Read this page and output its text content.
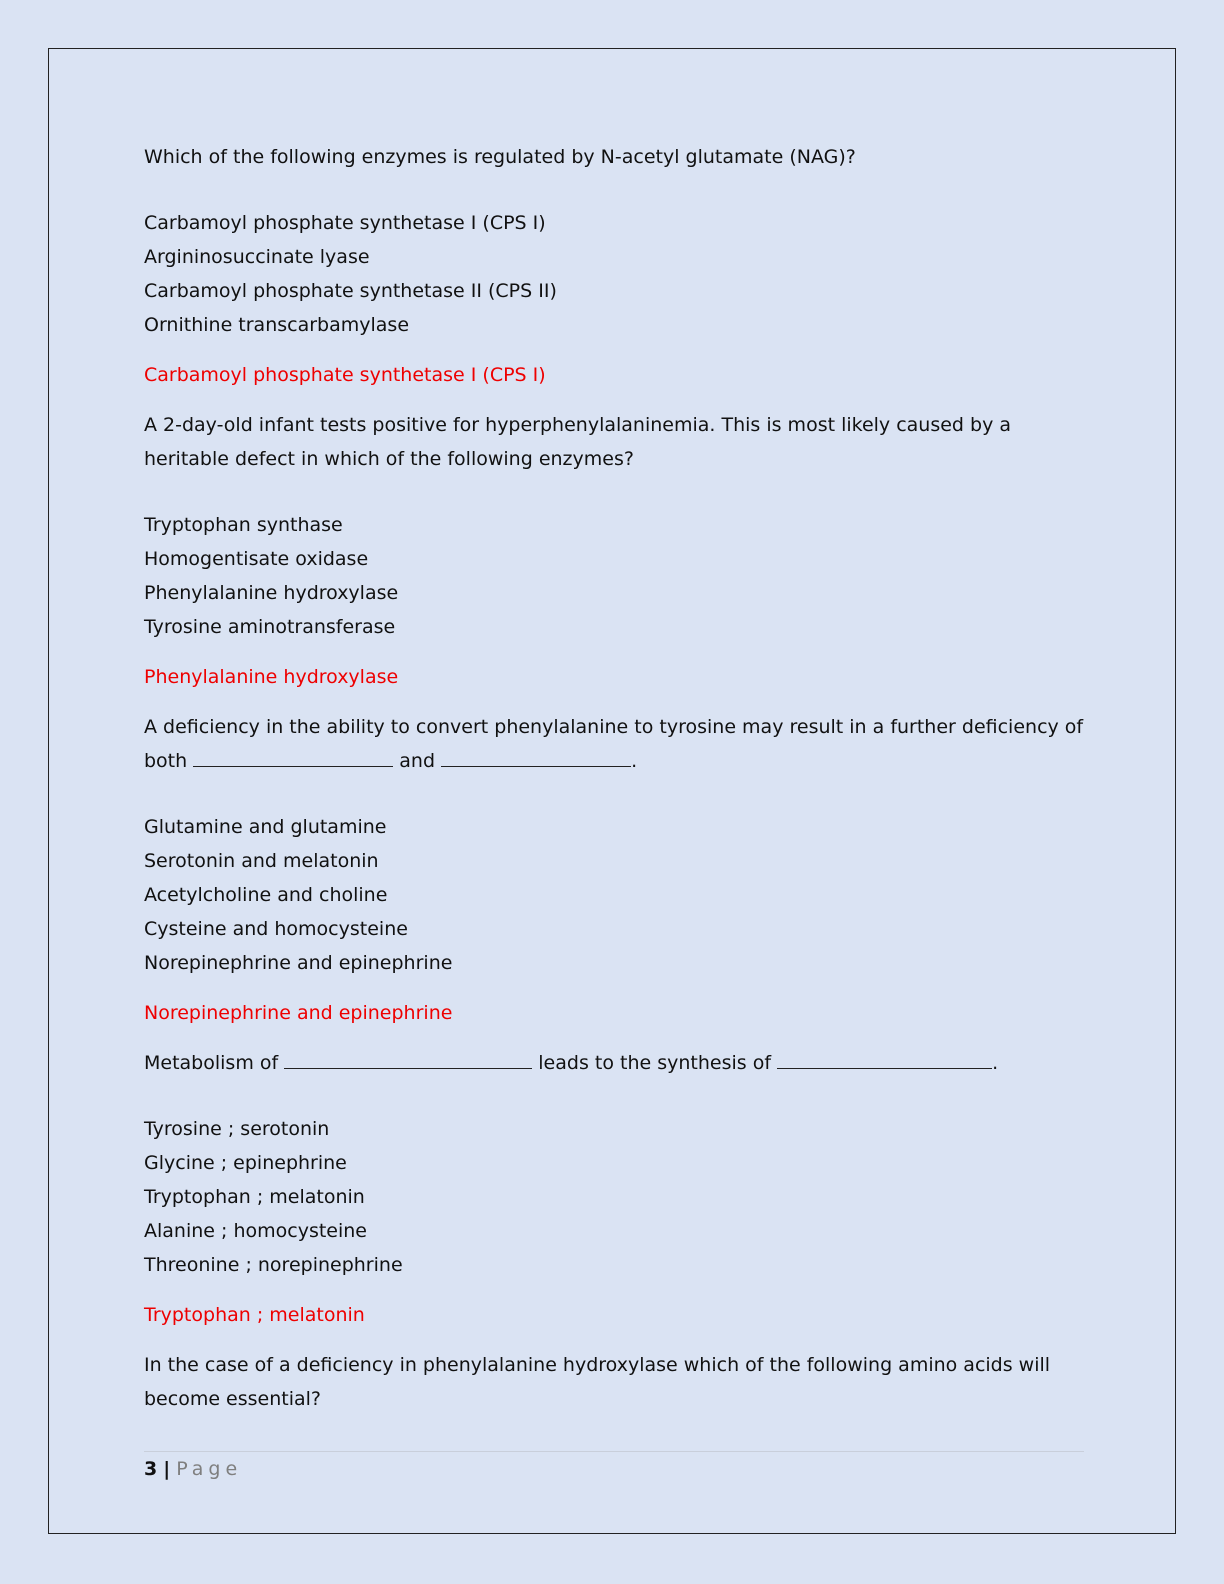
Which of the following enzymes is regulated by N-acetyl glutamate (NAG)?

Carbamoyl phosphate synthetase I (CPS I)

Argininosuccinate lyase

Carbamoyl phosphate synthetase II (CPS II)

Ornithine transcarbamylase

Carbamoyl phosphate synthetase I (CPS I)

A 2-day-old infant tests positive for hyperphenylalaninemia. This is most likely caused by a heritable defect in which of the following enzymes?

Tryptophan synthase

Homogentisate oxidase

Phenylalanine hydroxylase

Tyrosine aminotransferase

Phenylalanine hydroxylase

A deficiency in the ability to convert phenylalanine to tyrosine may result in a further deficiency of both	and	.

Glutamine and glutamine

Serotonin and melatonin

Acetylcholine and choline

Cysteine and homocysteine

Norepinephrine and epinephrine

Norepinephrine and epinephrine

Metabolism of	leads to the synthesis of	.

Tyrosine ; serotonin

Glycine ; epinephrine

Tryptophan ; melatonin

Alanine ; homocysteine

Threonine ; norepinephrine

Tryptophan ; melatonin

In the case of a deficiency in phenylalanine hydroxylase which of the following amino acids will become essential?

3 | Page
